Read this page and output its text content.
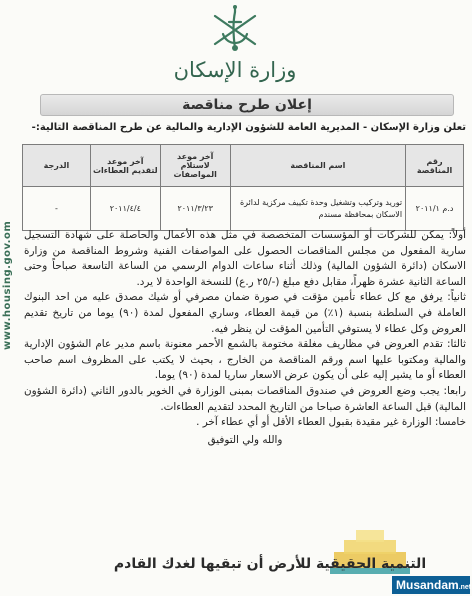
www.housing.gov.om
وزارة الإسكان
إعلان طرح مناقصة
تعلن وزارة الإسكان - المديرية العامة للشؤون الإدارية والمالية عن طرح المناقصة التالية:-
رقم المناقصة	اسم المناقصة	آخر موعد لاستلام المواصفات	آخر موعد لتقديم العطاءات	الدرجة
د.م ٢٠١١/١	توريد وتركيب وتشغيل وحدة تكييف مركزية لدائرة الاسكان بمحافظة مسندم	٢٠١١/٣/٢٣	٢٠١١/٤/٤	-

أولاً: يمكن للشركات أو المؤسسات المتخصصة في مثل هذه الأعمال والحاصلة على شهادة التسجيل سارية المفعول من مجلس المناقصات الحصول على المواصفات الفنية وشروط المناقصة من وزارة الاسكان (دائرة الشؤون المالية) وذلك أثناء ساعات الدوام الرسمي من الساعة التاسعة صباحاً وحتى الساعة الثانية عشرة ظهراً، مقابل دفع مبلغ (-/٢٥ ر.ع) للنسخة الواحدة لا يرد.

ثانياً: يرفق مع كل عطاء تأمين مؤقت في صورة ضمان مصرفي أو شيك مصدق عليه من احد البنوك العاملة في السلطنة بنسبة (١٪) من قيمة العطاء، وساري المفعول لمدة (٩٠) يوما من تاريخ تقديم العروض وكل عطاء لا يستوفي التأمين المؤقت لن ينظر فيه.

ثالثا: تقدم العروض في مظاريف مغلقة مختومة بالشمع الأحمر معنونة باسم مدير عام الشؤون الإدارية والمالية ومكتوبا عليها اسم ورقم المناقصة من الخارج ، بحيث لا يكتب على المظروف اسم صاحب العطاء أو ما يشير إليه على أن يكون عرض الاسعار ساريا لمدة (٩٠) يوما.

رابعا: يجب وضع العروض في صندوق المناقصات بمبنى الوزارة في الخوير بالدور الثاني (دائرة الشؤون المالية) قبل الساعة العاشرة صباحا من التاريخ المحدد لتقديم العطاءات.

خامسا: الوزارة غير مقيدة بقبول العطاء الأقل أو أي عطاء آخر .

والله ولي التوفيق

التنمية الحقيقية للأرض أن تبقيها لغدك القادم
Musandam.net
